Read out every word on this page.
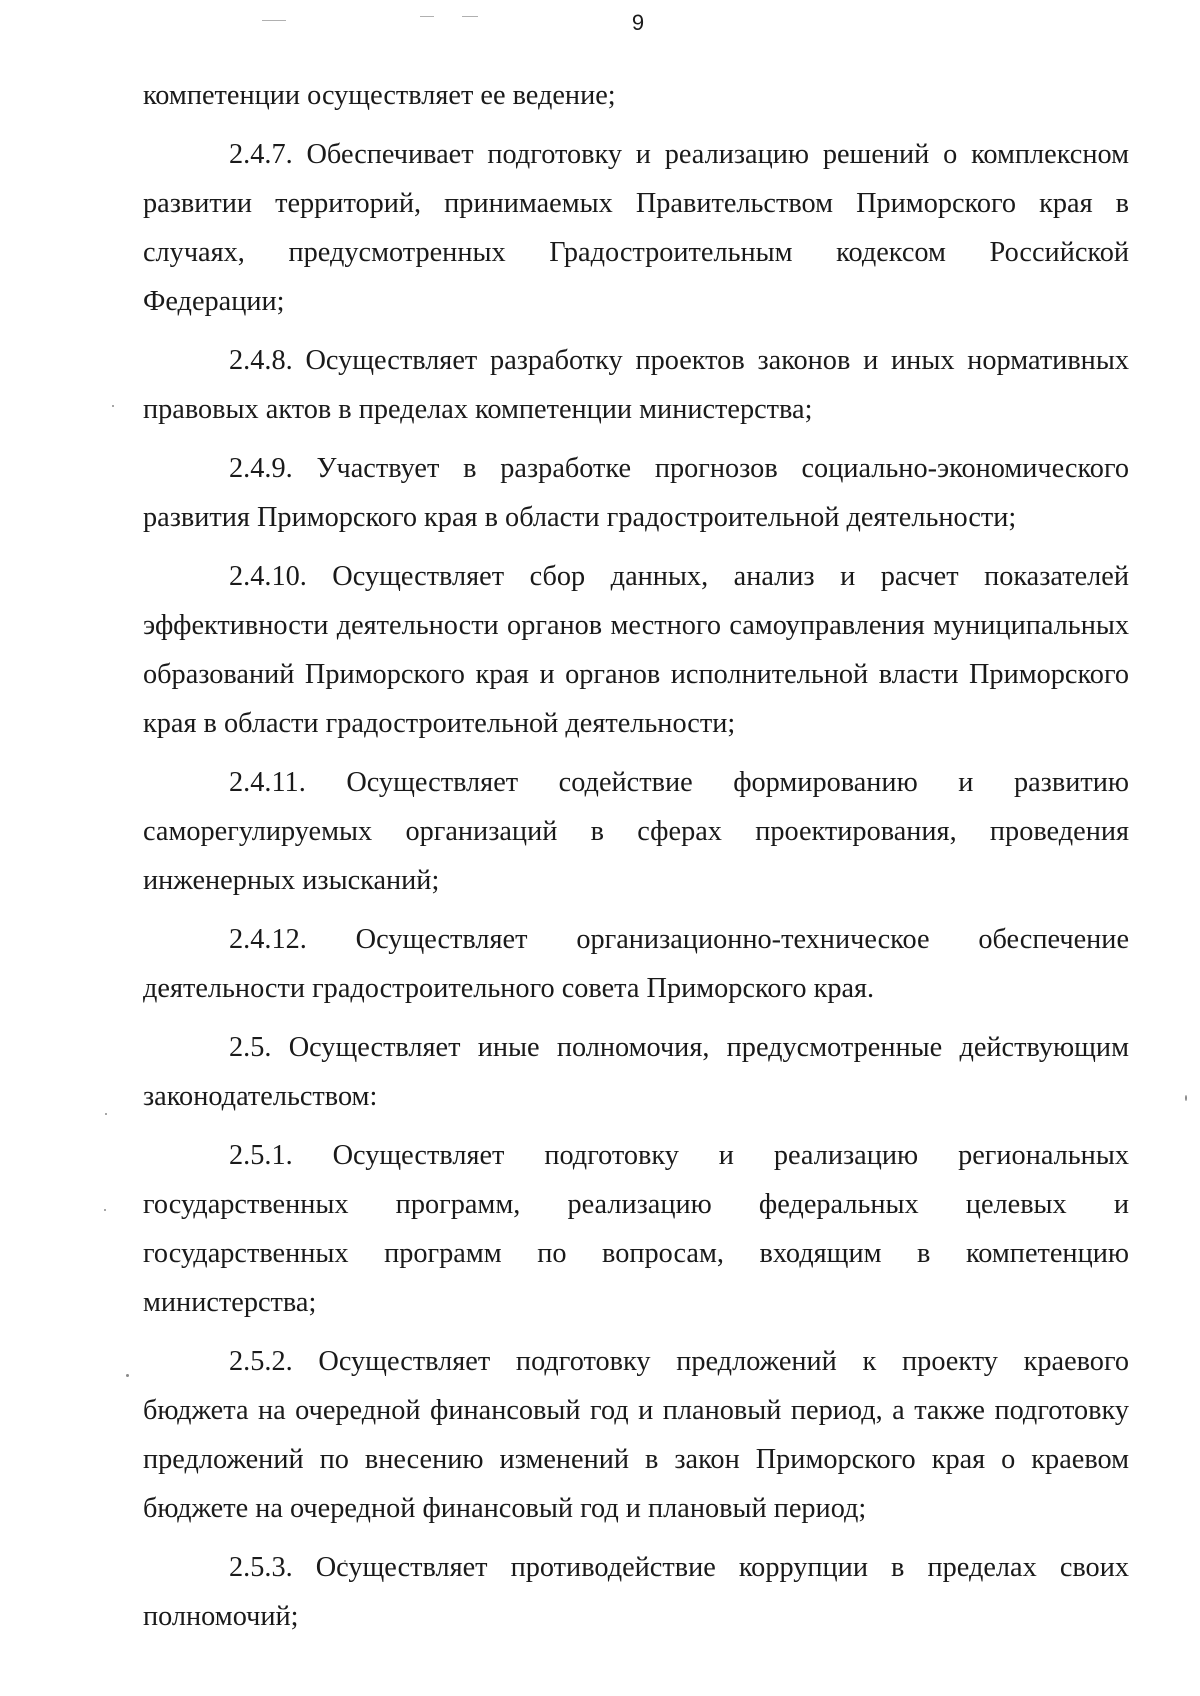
9

компетенции осуществляет ее ведение;

2.4.7. Обеспечивает подготовку и реализацию решений о комплексном развитии территорий, принимаемых Правительством Приморского края в случаях, предусмотренных Градостроительным кодексом Российской Федерации;

2.4.8. Осуществляет разработку проектов законов и иных нормативных правовых актов в пределах компетенции министерства;

2.4.9. Участвует в разработке прогнозов социально-экономического развития Приморского края в области градостроительной деятельности;

2.4.10. Осуществляет сбор данных, анализ и расчет показателей эффективности деятельности органов местного самоуправления муниципальных образований Приморского края и органов исполнительной власти Приморского края в области градостроительной деятельности;

2.4.11. Осуществляет содействие формированию и развитию саморегулируемых организаций в сферах проектирования, проведения инженерных изысканий;

2.4.12. Осуществляет организационно-техническое обеспечение деятельности градостроительного совета Приморского края.

2.5. Осуществляет иные полномочия, предусмотренные действующим законодательством:

2.5.1. Осуществляет подготовку и реализацию региональных государственных программ, реализацию федеральных целевых и государственных программ по вопросам, входящим в компетенцию министерства;

2.5.2. Осуществляет подготовку предложений к проекту краевого бюджета на очередной финансовый год и плановый период, а также подготовку предложений по внесению изменений в закон Приморского края о краевом бюджете на очередной финансовый год и плановый период;

2.5.3. Осуществляет противодействие коррупции в пределах своих полномочий;
